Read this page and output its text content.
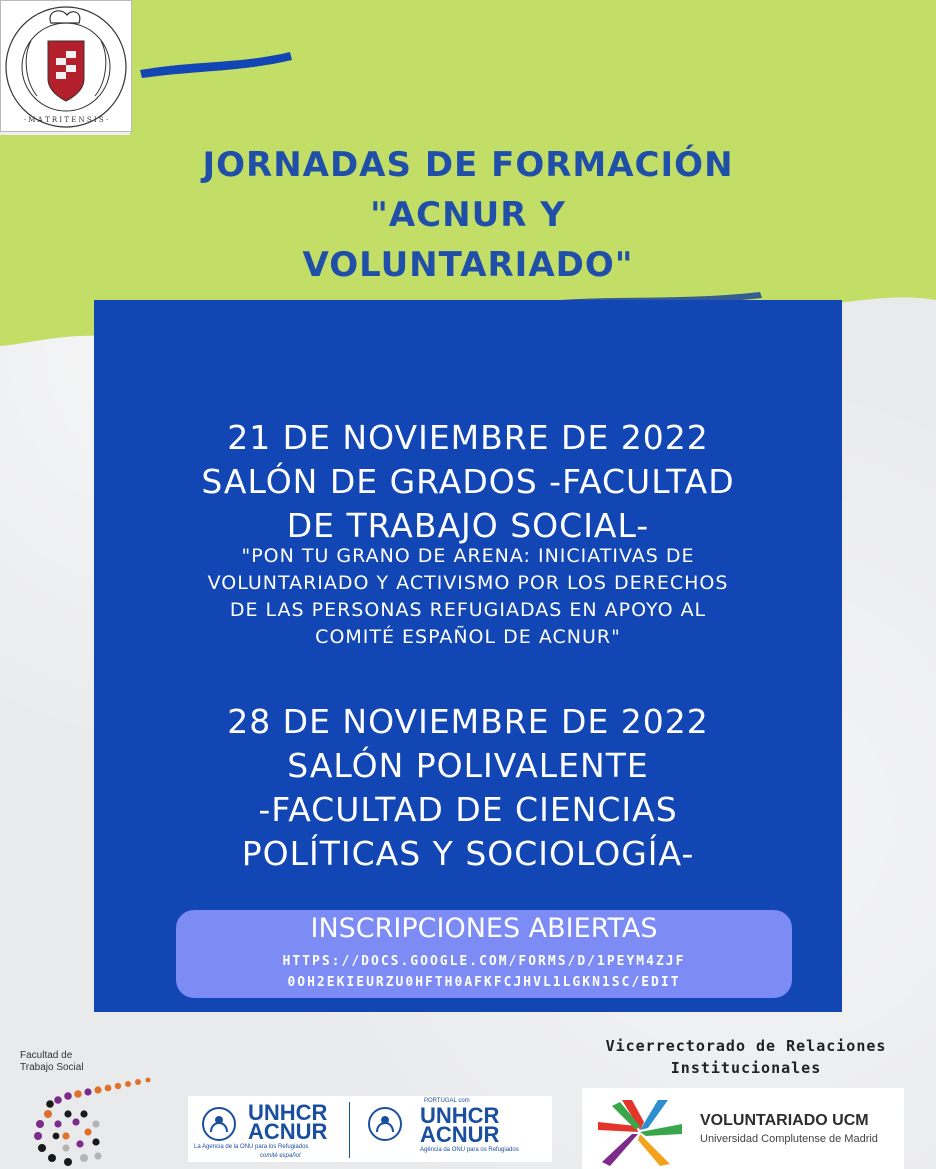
· M A T R I T E N S I S ·
JORNADAS DE FORMACIÓN
"ACNUR Y
VOLUNTARIADO"
21 DE NOVIEMBRE DE 2022
SALÓN DE GRADOS -FACULTAD
DE TRABAJO SOCIAL-
"PON TU GRANO DE ARENA: INICIATIVAS DE
VOLUNTARIADO Y ACTIVISMO POR LOS DERECHOS
DE LAS PERSONAS REFUGIADAS EN APOYO AL
COMITÉ ESPAÑOL DE ACNUR"
28 DE NOVIEMBRE DE 2022
SALÓN POLIVALENTE
-FACULTAD DE CIENCIAS
POLÍTICAS Y SOCIOLOGÍA-
INSCRIPCIONES ABIERTAS
HTTPS://DOCS.GOOGLE.COM/FORMS/D/1PEYM4ZJF
0OH2EKIEURZU0HFTH0AFKFCJHVL1LGKN1SC/EDIT
Facultad de
Trabajo Social
UNHCR
ACNUR
La Agencia de la ONU para los Refugiados
comité español
PORTUGAL com
UNHCR
ACNUR
Agência da ONU para os Refugiados
Vicerrectorado de Relaciones
Institucionales
VOLUNTARIADO UCM
Universidad Complutense de Madrid
